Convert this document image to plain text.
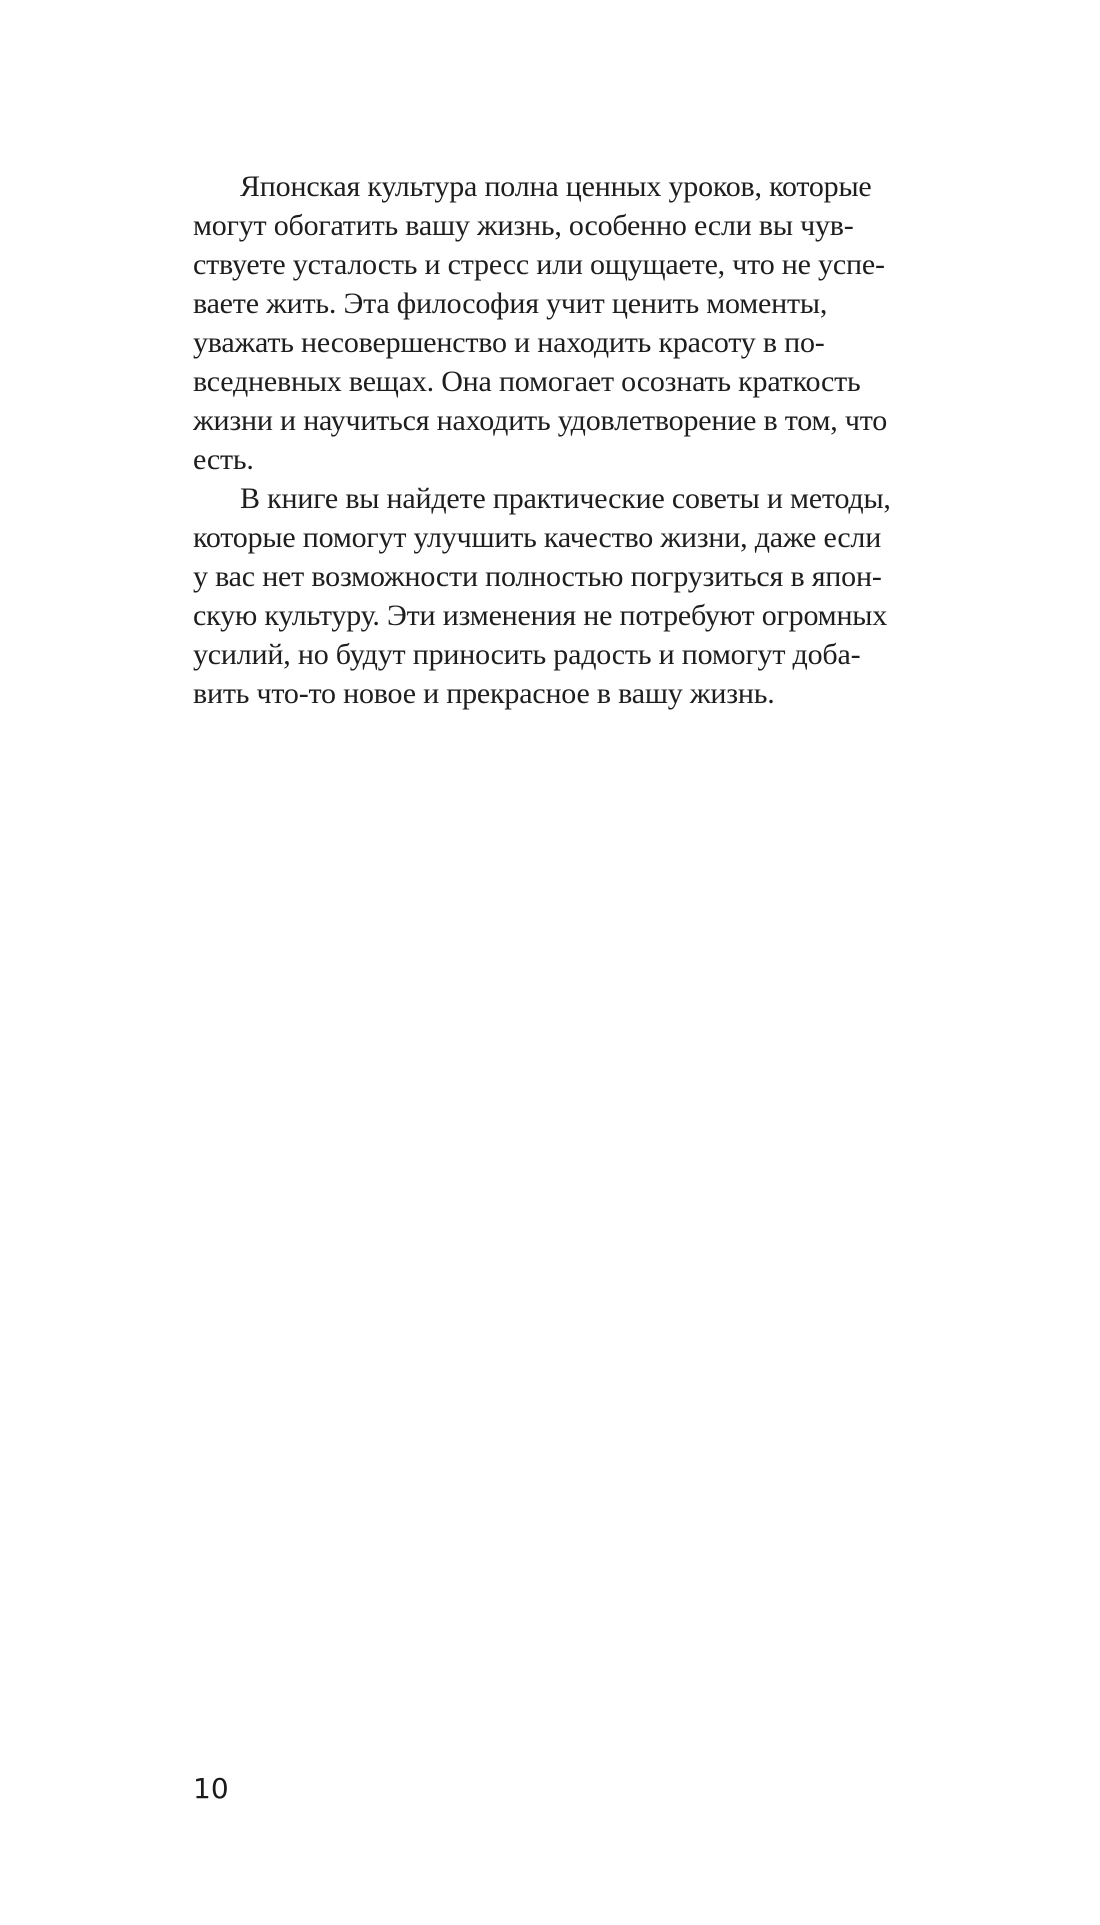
Японская культура полна ценных уроков, которые
могут обогатить вашу жизнь, особенно если вы чув-
ствуете усталость и стресс или ощущаете, что не успе-
ваете жить. Эта философия учит ценить моменты,
уважать несовершенство и находить красоту в по-
вседневных вещах. Она помогает осознать краткость
жизни и научиться находить удовлетворение в том, что
есть.

В книге вы найдете практические советы и методы,
которые помогут улучшить качество жизни, даже если
у вас нет возможности полностью погрузиться в япон-
скую культуру. Эти изменения не потребуют огромных
усилий, но будут приносить радость и помогут доба-
вить что-то новое и прекрасное в вашу жизнь.

10
